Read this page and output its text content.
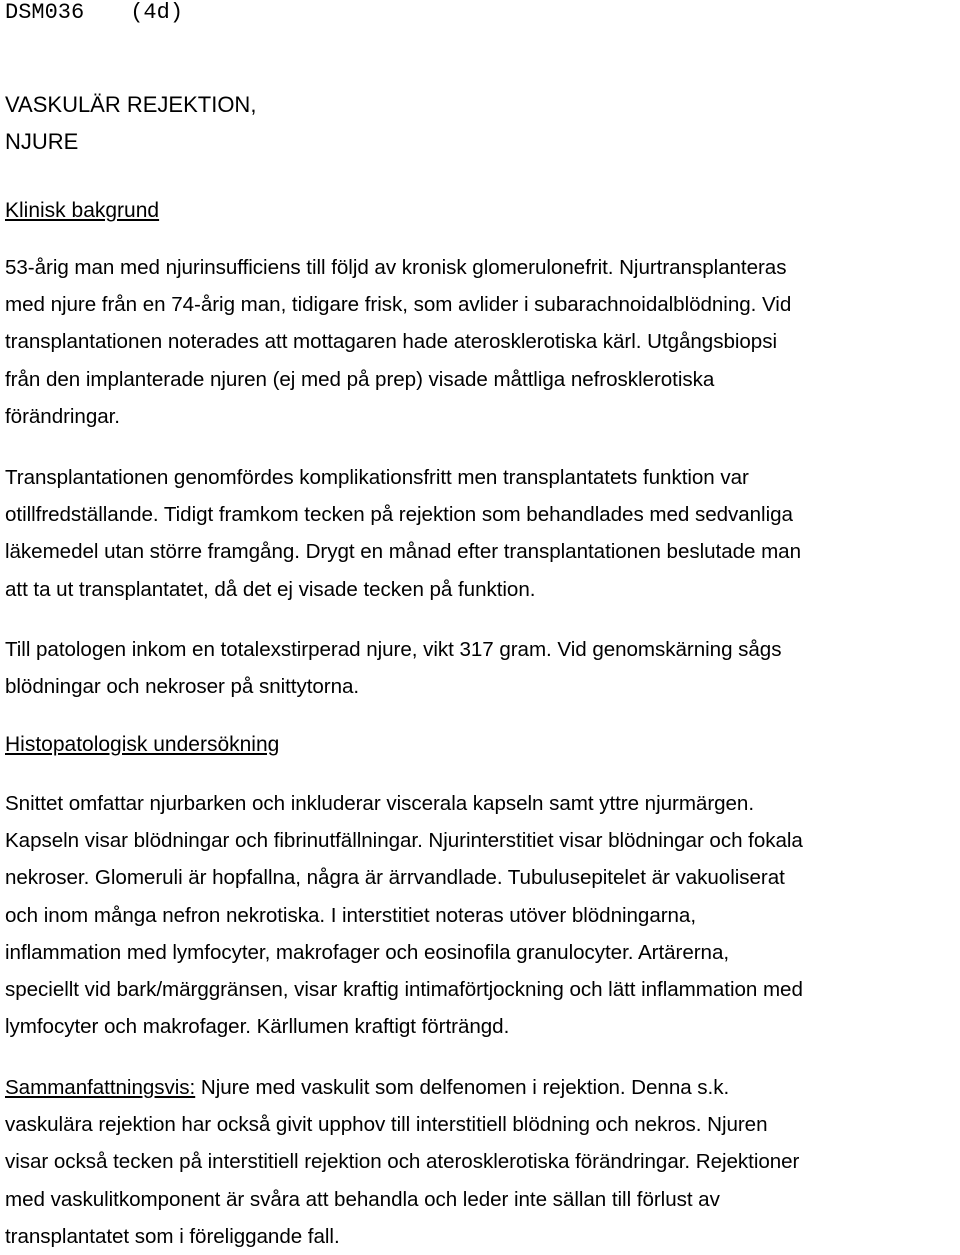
DSM036 (4d)
VASKULÄR REJEKTION,
NJURE
Klinisk bakgrund
53-årig man med njurinsufficiens till följd av kronisk glomerulonefrit. Njurtransplanteras
med njure från en 74-årig man, tidigare frisk, som avlider i subarachnoidalblödning. Vid
transplantationen noterades att mottagaren hade aterosklerotiska kärl. Utgångsbiopsi
från den implanterade njuren (ej med på prep) visade måttliga nefrosklerotiska
förändringar.
Transplantationen genomfördes komplikationsfritt men transplantatets funktion var
otillfredställande. Tidigt framkom tecken på rejektion som behandlades med sedvanliga
läkemedel utan större framgång. Drygt en månad efter transplantationen beslutade man
att ta ut transplantatet, då det ej visade tecken på funktion.
Till patologen inkom en totalexstirperad njure, vikt 317 gram. Vid genomskärning sågs
blödningar och nekroser på snittytorna.
Histopatologisk undersökning
Snittet omfattar njurbarken och inkluderar viscerala kapseln samt yttre njurmärgen.
Kapseln visar blödningar och fibrinutfällningar. Njurinterstitiet visar blödningar och fokala
nekroser. Glomeruli är hopfallna, några är ärrvandlade. Tubulusepitelet är vakuoliserat
och inom många nefron nekrotiska. I interstitiet noteras utöver blödningarna,
inflammation med lymfocyter, makrofager och eosinofila granulocyter. Artärerna,
speciellt vid bark/märggränsen, visar kraftig intimaförtjockning och lätt inflammation med
lymfocyter och makrofager. Kärllumen kraftigt förträngd.
Sammanfattningsvis: Njure med vaskulit som delfenomen i rejektion. Denna s.k.
vaskulära rejektion har också givit upphov till interstitiell blödning och nekros. Njuren
visar också tecken på interstitiell rejektion och aterosklerotiska förändringar. Rejektioner
med vaskulitkomponent är svåra att behandla och leder inte sällan till förlust av
transplantatet som i föreliggande fall.
